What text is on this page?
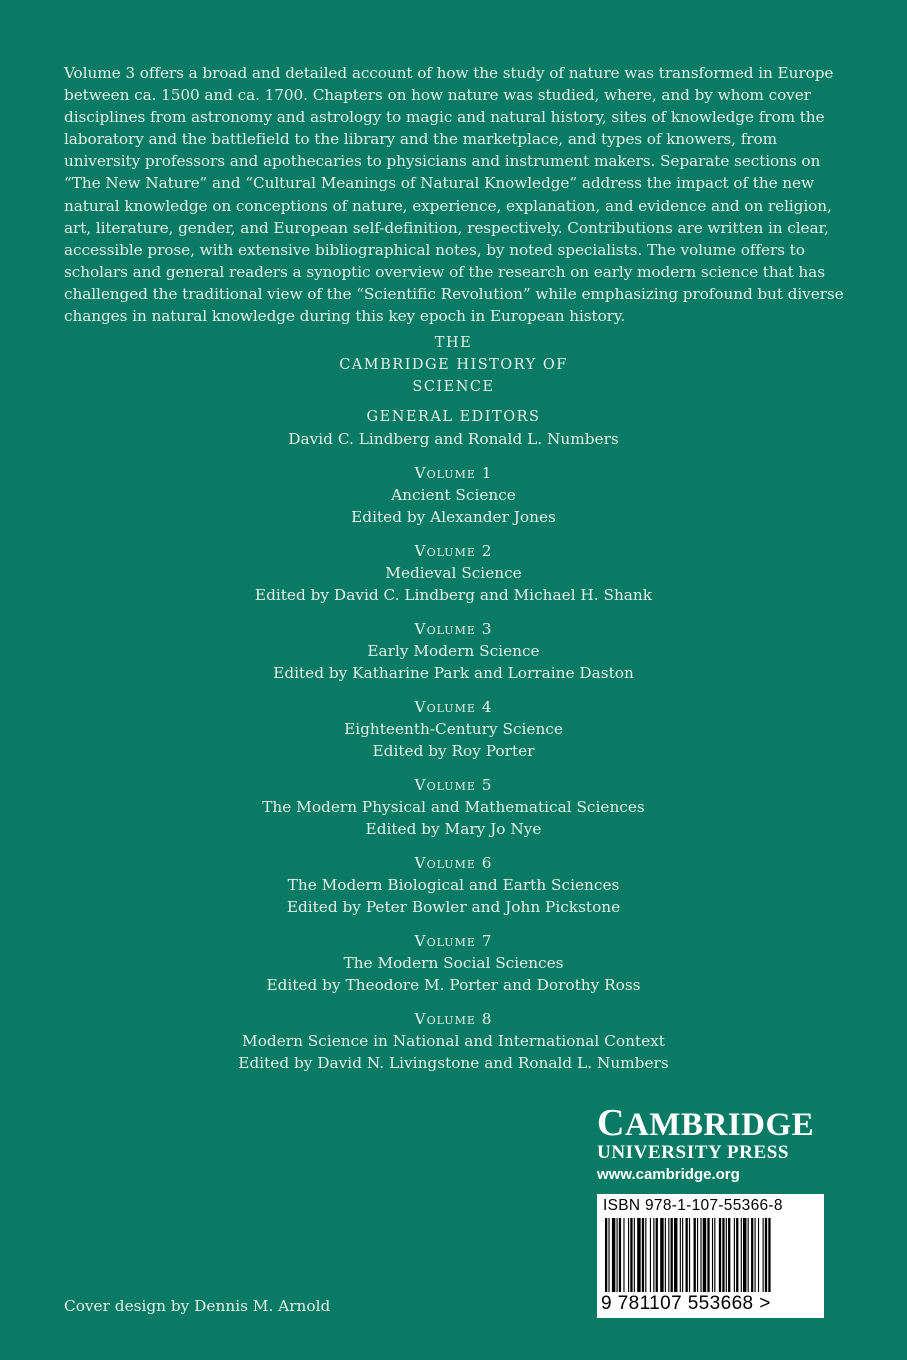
Volume 3 offers a broad and detailed account of how the study of nature was transformed in Europe between ca. 1500 and ca. 1700. Chapters on how nature was studied, where, and by whom cover disciplines from astronomy and astrology to magic and natural history, sites of knowledge from the laboratory and the battlefield to the library and the marketplace, and types of knowers, from university professors and apothecaries to physicians and instrument makers. Separate sections on “The New Nature” and “Cultural Meanings of Natural Knowledge” address the impact of the new natural knowledge on conceptions of nature, experience, explanation, and evidence and on religion, art, literature, gender, and European self-definition, respectively. Contributions are written in clear, accessible prose, with extensive bibliographical notes, by noted specialists. The volume offers to scholars and general readers a synoptic overview of the research on early modern science that has challenged the traditional view of the “Scientific Revolution” while emphasizing profound but diverse changes in natural knowledge during this key epoch in European history.

THE
CAMBRIDGE HISTORY OF
SCIENCE
GENERAL EDITORS
David C. Lindberg and Ronald L. Numbers
Volume 1
Ancient Science
Edited by Alexander Jones
Volume 2
Medieval Science
Edited by David C. Lindberg and Michael H. Shank
Volume 3
Early Modern Science
Edited by Katharine Park and Lorraine Daston
Volume 4
Eighteenth-Century Science
Edited by Roy Porter
Volume 5
The Modern Physical and Mathematical Sciences
Edited by Mary Jo Nye
Volume 6
The Modern Biological and Earth Sciences
Edited by Peter Bowler and John Pickstone
Volume 7
The Modern Social Sciences
Edited by Theodore M. Porter and Dorothy Ross
Volume 8
Modern Science in National and International Context
Edited by David N. Livingstone and Ronald L. Numbers
CAMBRIDGE
UNIVERSITY PRESS
www.cambridge.org
ISBN 978-1-107-55366-8
9 781107 553668 >
Cover design by Dennis M. Arnold
